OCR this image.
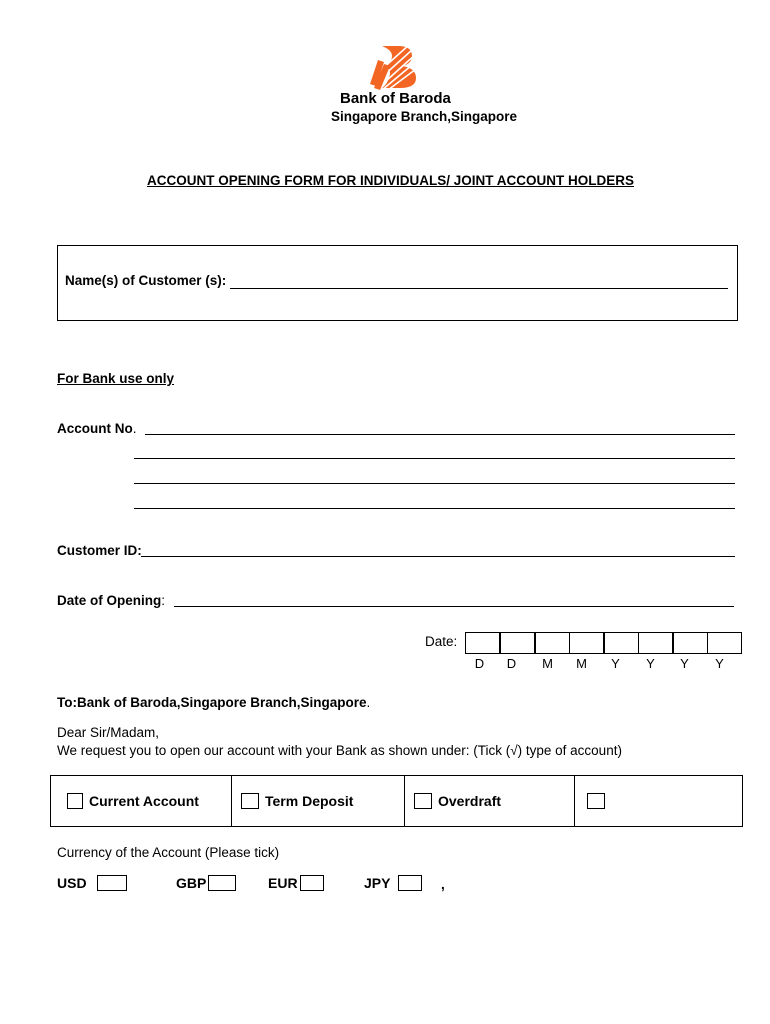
Bank of Baroda
Singapore Branch,Singapore
ACCOUNT OPENING FORM FOR INDIVIDUALS/ JOINT ACCOUNT HOLDERS
Name(s) of Customer (s):
For Bank use only
Account No.
Customer ID:
Date of Opening:
Date:
D	D	M	M	Y	Y	Y	Y
To:Bank of Baroda,Singapore Branch,Singapore.
Dear Sir/Madam,
We request you to open our account with your Bank as shown under: (Tick (√) type of account)
Current Account	Term Deposit	Overdraft
Currency of the Account (Please tick)
USD	GBP	EUR	JPY	,
